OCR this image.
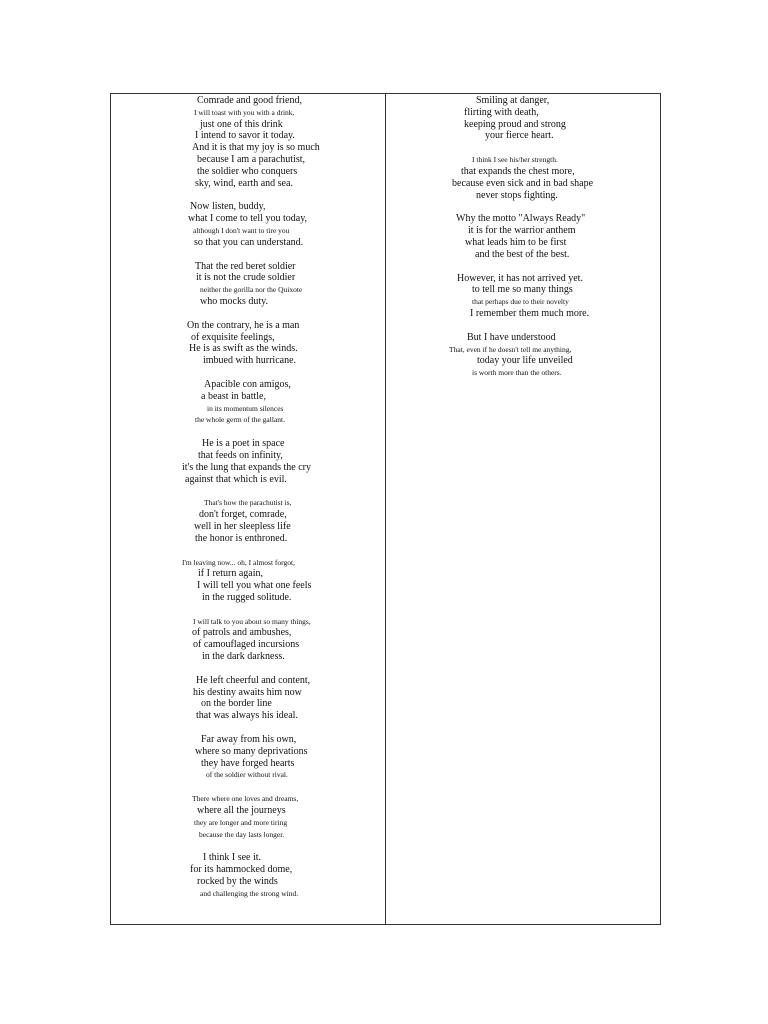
Comrade and good friend,
I will toast with you with a drink,
just one of this drink
I intend to savor it today.
And it is that my joy is so much
because I am a parachutist,
the soldier who conquers
sky, wind, earth and sea.
Now listen, buddy,
what I come to tell you today,
although I don't want to tire you
so that you can understand.
That the red beret soldier
it is not the crude soldier
neither the gorilla nor the Quixote
who mocks duty.
On the contrary, he is a man
of exquisite feelings,
He is as swift as the winds.
imbued with hurricane.
Apacible con amigos,
a beast in battle,
in its momentum silences
the whole germ of the gallant.
He is a poet in space
that feeds on infinity,
it's the lung that expands the cry
against that which is evil.
That's how the parachutist is,
don't forget, comrade,
well in her sleepless life
the honor is enthroned.
I'm leaving now... oh, I almost forgot,
if I return again,
I will tell you what one feels
in the rugged solitude.
I will talk to you about so many things,
of patrols and ambushes,
of camouflaged incursions
in the dark darkness.
He left cheerful and content,
his destiny awaits him now
on the border line
that was always his ideal.
Far away from his own,
where so many deprivations
they have forged hearts
of the soldier without rival.
There where one loves and dreams,
where all the journeys
they are longer and more tiring
because the day lasts longer.
I think I see it.
for its hammocked dome,
rocked by the winds
and challenging the strong wind.
Smiling at danger,
flirting with death,
keeping proud and strong
your fierce heart.
I think I see his/her strength.
that expands the chest more,
because even sick and in bad shape
never stops fighting.
Why the motto "Always Ready"
it is for the warrior anthem
what leads him to be first
and the best of the best.
However, it has not arrived yet.
to tell me so many things
that perhaps due to their novelty
I remember them much more.
But I have understood
That, even if he doesn't tell me anything,
today your life unveiled
is worth more than the others.
